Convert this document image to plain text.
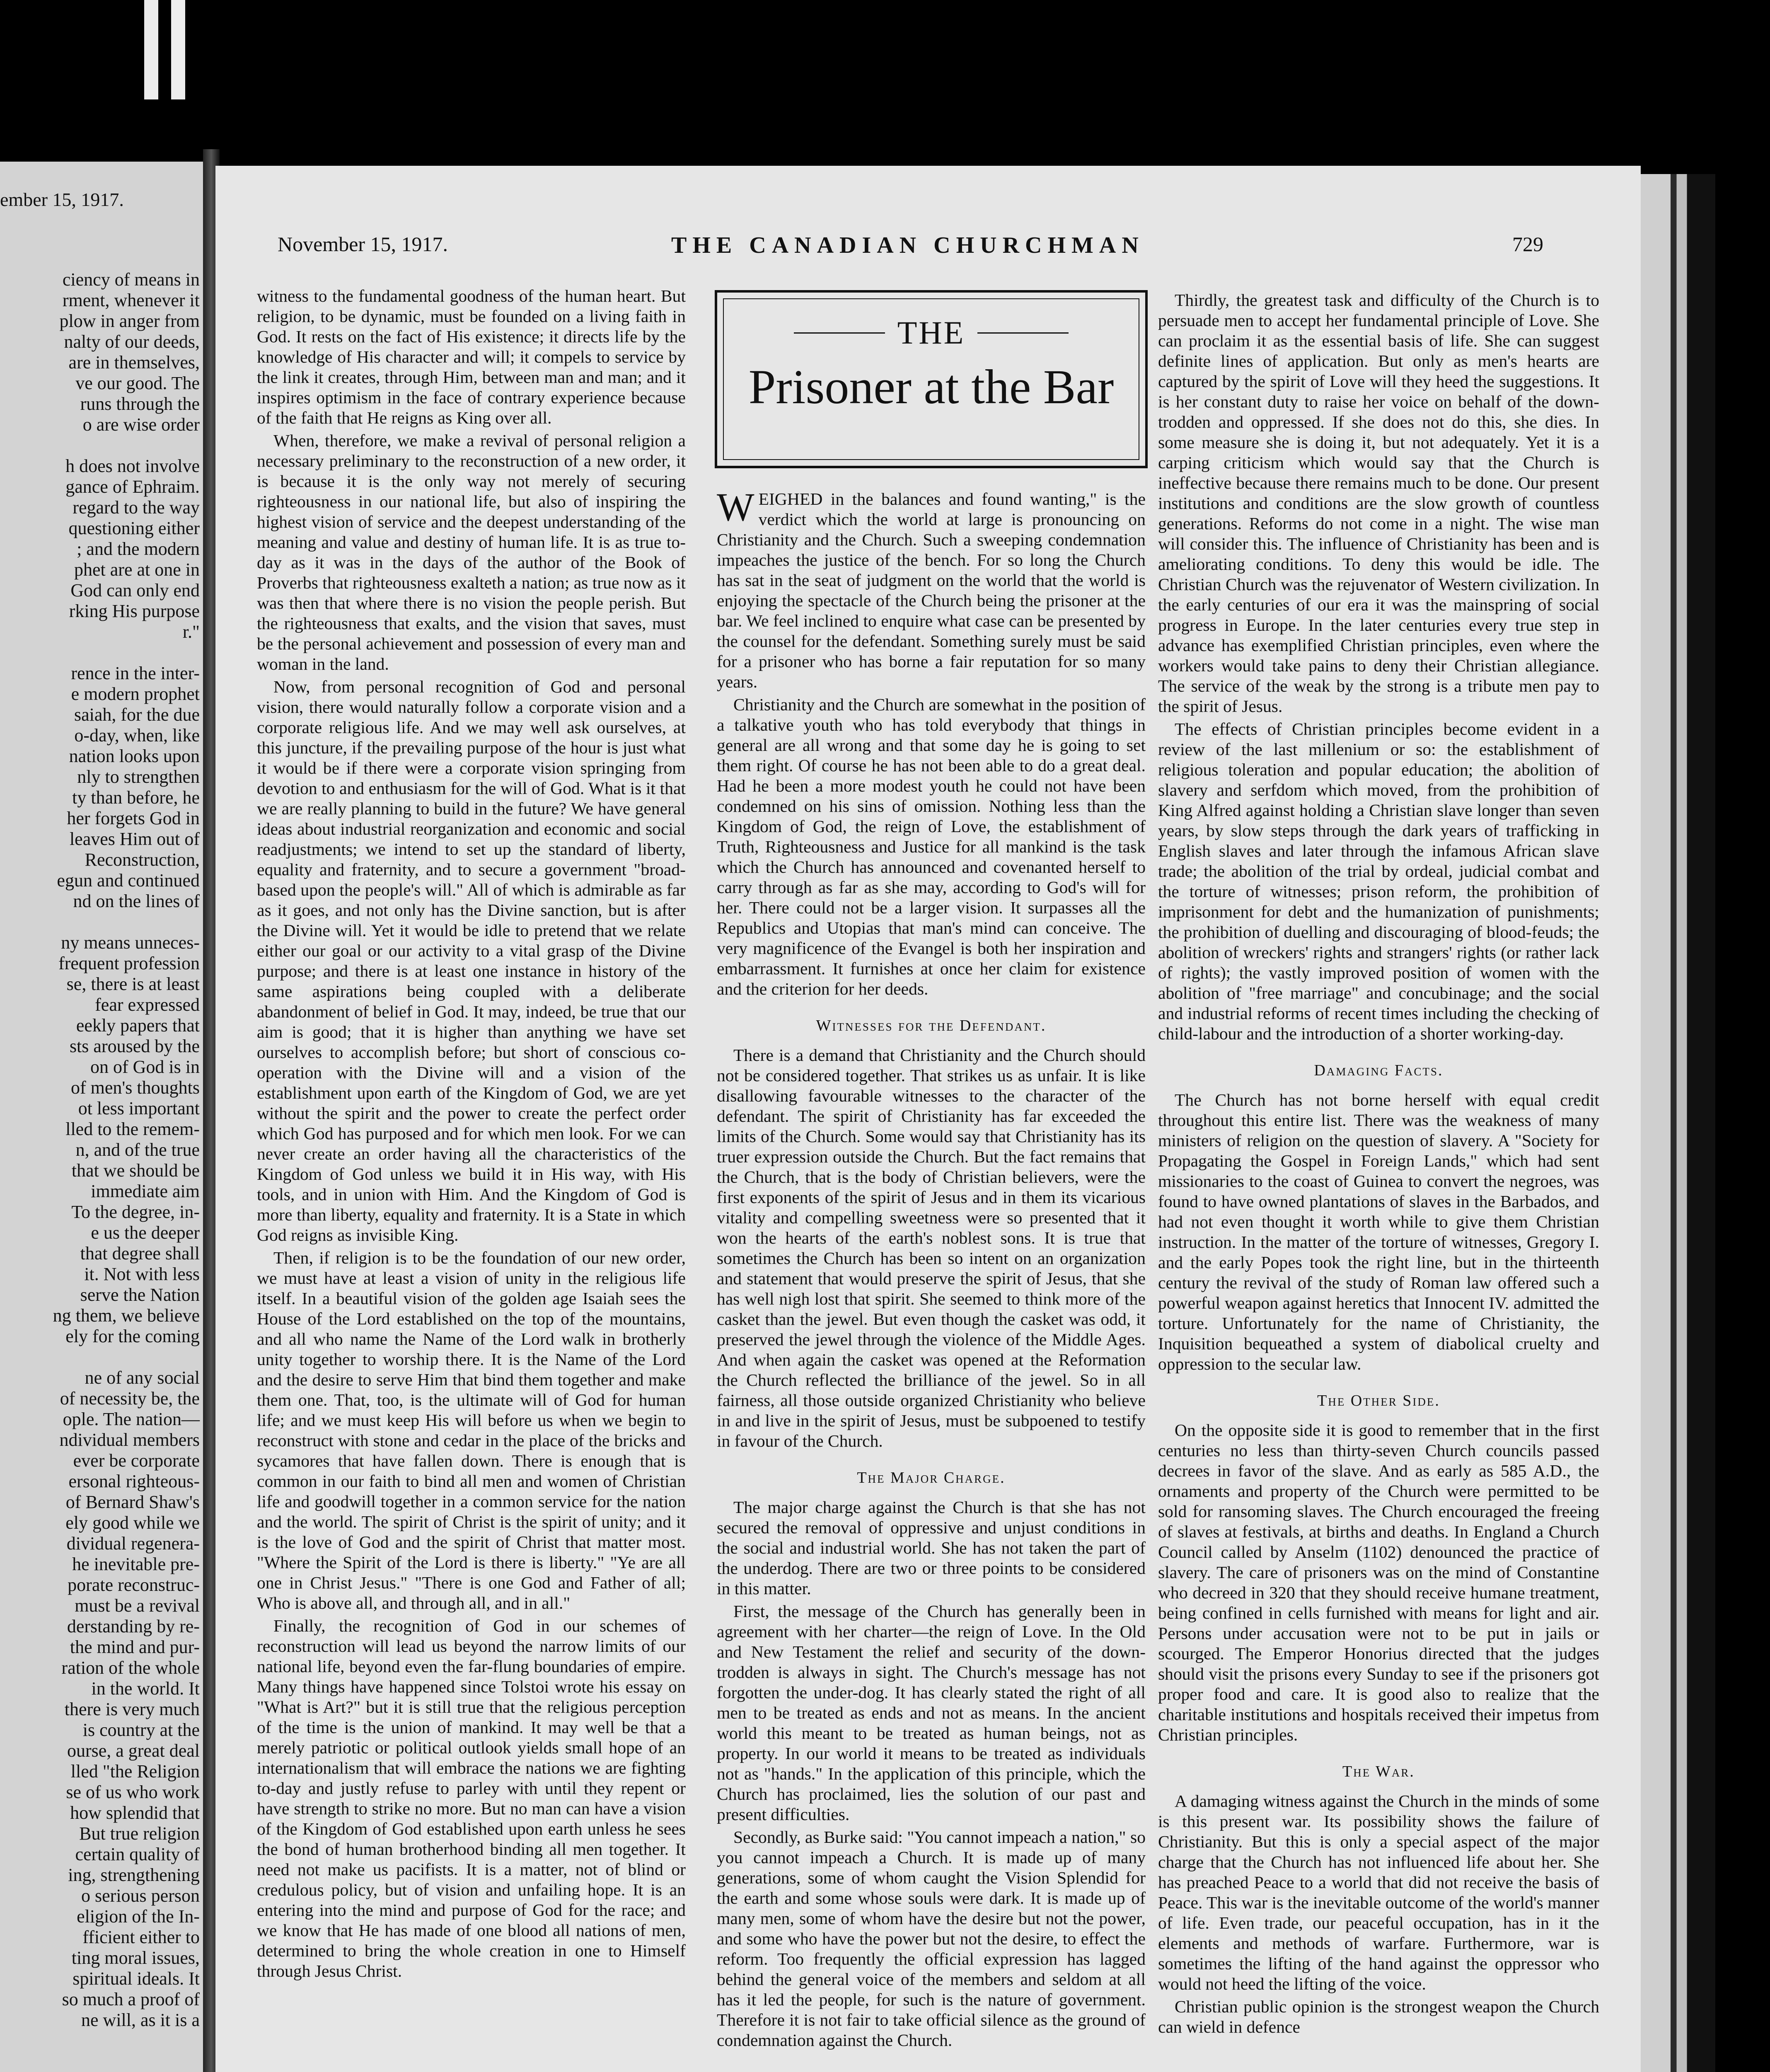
ember 15, 1917.
ciency of means in
rment, whenever it
plow in anger from
nalty of our deeds,
are in themselves,
ve our good. The
runs through the
o are wise order

h does not involve
gance of Ephraim.
regard to the way
questioning either
; and the modern
phet are at one in
God can only end
rking His purpose
r."

rence in the inter-
e modern prophet
saiah, for the due
o-day, when, like
nation looks upon
nly to strengthen
ty than before, he
her forgets God in
leaves Him out of
Reconstruction,
egun and continued
nd on the lines of

ny means unneces-
frequent profession
se, there is at least
fear expressed
eekly papers that
sts aroused by the
on of God is in
of men's thoughts
ot less important
lled to the remem-
n, and of the true
that we should be
immediate aim
To the degree, in-
e us the deeper
that degree shall
it. Not with less
serve the Nation
ng them, we believe
ely for the coming

ne of any social
of necessity be, the
ople. The nation—
ndividual members
ever be corporate
ersonal righteous-
of Bernard Shaw's
ely good while we
dividual regenera-
he inevitable pre-
porate reconstruc-
must be a revival
derstanding by re-
the mind and pur-
ration of the whole
in the world. It
there is very much
is country at the
ourse, a great deal
lled "the Religion
se of us who work
how splendid that
But true religion
certain quality of
ing, strengthening
o serious person
eligion of the In-
fficient either to
ting moral issues,
spiritual ideals. It
so much a proof of
ne will, as it is a
November 15, 1917.	THE CANADIAN CHURCHMAN	729

witness to the fundamental goodness of the human heart. But religion, to be dynamic, must be founded on a living faith in God. It rests on the fact of His existence; it directs life by the knowledge of His character and will; it compels to service by the link it creates, through Him, between man and man; and it inspires optimism in the face of contrary experience because of the faith that He reigns as King over all.

When, therefore, we make a revival of personal religion a necessary preliminary to the reconstruction of a new order, it is because it is the only way not merely of securing righteousness in our national life, but also of inspiring the highest vision of service and the deepest understanding of the meaning and value and destiny of human life. It is as true to-day as it was in the days of the author of the Book of Proverbs that righteousness exalteth a nation; as true now as it was then that where there is no vision the people perish. But the righteousness that exalts, and the vision that saves, must be the personal achievement and possession of every man and woman in the land.

Now, from personal recognition of God and personal vision, there would naturally follow a corporate vision and a corporate religious life. And we may well ask ourselves, at this juncture, if the prevailing purpose of the hour is just what it would be if there were a corporate vision springing from devotion to and enthusiasm for the will of God. What is it that we are really planning to build in the future? We have general ideas about industrial reorganization and economic and social readjustments; we intend to set up the standard of liberty, equality and fraternity, and to secure a government "broad-based upon the people's will." All of which is admirable as far as it goes, and not only has the Divine sanction, but is after the Divine will. Yet it would be idle to pretend that we relate either our goal or our activity to a vital grasp of the Divine purpose; and there is at least one instance in history of the same aspirations being coupled with a deliberate abandonment of belief in God. It may, indeed, be true that our aim is good; that it is higher than anything we have set ourselves to accomplish before; but short of conscious co-operation with the Divine will and a vision of the establishment upon earth of the Kingdom of God, we are yet without the spirit and the power to create the perfect order which God has purposed and for which men look. For we can never create an order having all the characteristics of the Kingdom of God unless we build it in His way, with His tools, and in union with Him. And the Kingdom of God is more than liberty, equality and fraternity. It is a State in which God reigns as invisible King.

Then, if religion is to be the foundation of our new order, we must have at least a vision of unity in the religious life itself. In a beautiful vision of the golden age Isaiah sees the House of the Lord established on the top of the mountains, and all who name the Name of the Lord walk in brotherly unity together to worship there. It is the Name of the Lord and the desire to serve Him that bind them together and make them one. That, too, is the ultimate will of God for human life; and we must keep His will before us when we begin to reconstruct with stone and cedar in the place of the bricks and sycamores that have fallen down. There is enough that is common in our faith to bind all men and women of Christian life and goodwill together in a common service for the nation and the world. The spirit of Christ is the spirit of unity; and it is the love of God and the spirit of Christ that matter most. "Where the Spirit of the Lord is there is liberty." "Ye are all one in Christ Jesus." "There is one God and Father of all; Who is above all, and through all, and in all."

Finally, the recognition of God in our schemes of reconstruction will lead us beyond the narrow limits of our national life, beyond even the far-flung boundaries of empire. Many things have happened since Tolstoi wrote his essay on "What is Art?" but it is still true that the religious perception of the time is the union of mankind. It may well be that a merely patriotic or political outlook yields small hope of an internationalism that will embrace the nations we are fighting to-day and justly refuse to parley with until they repent or have strength to strike no more. But no man can have a vision of the Kingdom of God established upon earth unless he sees the bond of human brotherhood binding all men together. It need not make us pacifists. It is a matter, not of blind or credulous policy, but of vision and unfailing hope. It is an entering into the mind and purpose of God for the race; and we know that He has made of one blood all nations of men, determined to bring the whole creation in one to Himself through Jesus Christ.

THE
Prisoner at the Bar

WEIGHED in the balances and found wanting," is the verdict which the world at large is pronouncing on Christianity and the Church. Such a sweeping condemnation impeaches the justice of the bench. For so long the Church has sat in the seat of judgment on the world that the world is enjoying the spectacle of the Church being the prisoner at the bar. We feel inclined to enquire what case can be presented by the counsel for the defendant. Something surely must be said for a prisoner who has borne a fair reputation for so many years.

Christianity and the Church are somewhat in the position of a talkative youth who has told everybody that things in general are all wrong and that some day he is going to set them right. Of course he has not been able to do a great deal. Had he been a more modest youth he could not have been condemned on his sins of omission. Nothing less than the Kingdom of God, the reign of Love, the establishment of Truth, Righteousness and Justice for all mankind is the task which the Church has announced and covenanted herself to carry through as far as she may, according to God's will for her. There could not be a larger vision. It surpasses all the Republics and Utopias that man's mind can conceive. The very magnificence of the Evangel is both her inspiration and embarrassment. It furnishes at once her claim for existence and the criterion for her deeds.

Witnesses for the Defendant.

There is a demand that Christianity and the Church should not be considered together. That strikes us as unfair. It is like disallowing favourable witnesses to the character of the defendant. The spirit of Christianity has far exceeded the limits of the Church. Some would say that Christianity has its truer expression outside the Church. But the fact remains that the Church, that is the body of Christian believers, were the first exponents of the spirit of Jesus and in them its vicarious vitality and compelling sweetness were so presented that it won the hearts of the earth's noblest sons. It is true that sometimes the Church has been so intent on an organization and statement that would preserve the spirit of Jesus, that she has well nigh lost that spirit. She seemed to think more of the casket than the jewel. But even though the casket was odd, it preserved the jewel through the violence of the Middle Ages. And when again the casket was opened at the Reformation the Church reflected the brilliance of the jewel. So in all fairness, all those outside organized Christianity who believe in and live in the spirit of Jesus, must be subpoened to testify in favour of the Church.

The Major Charge.

The major charge against the Church is that she has not secured the removal of oppressive and unjust conditions in the social and industrial world. She has not taken the part of the underdog. There are two or three points to be considered in this matter.

First, the message of the Church has generally been in agreement with her charter—the reign of Love. In the Old and New Testament the relief and security of the down-trodden is always in sight. The Church's message has not forgotten the under-dog. It has clearly stated the right of all men to be treated as ends and not as means. In the ancient world this meant to be treated as human beings, not as property. In our world it means to be treated as individuals not as "hands." In the application of this principle, which the Church has proclaimed, lies the solution of our past and present difficulties.

Secondly, as Burke said: "You cannot impeach a nation," so you cannot impeach a Church. It is made up of many generations, some of whom caught the Vision Splendid for the earth and some whose souls were dark. It is made up of many men, some of whom have the desire but not the power, and some who have the power but not the desire, to effect the reform. Too frequently the official expression has lagged behind the general voice of the members and seldom at all has it led the people, for such is the nature of government. Therefore it is not fair to take official silence as the ground of condemnation against the Church.

Thirdly, the greatest task and difficulty of the Church is to persuade men to accept her fundamental principle of Love. She can proclaim it as the essential basis of life. She can suggest definite lines of application. But only as men's hearts are captured by the spirit of Love will they heed the suggestions. It is her constant duty to raise her voice on behalf of the down-trodden and oppressed. If she does not do this, she dies. In some measure she is doing it, but not adequately. Yet it is a carping criticism which would say that the Church is ineffective because there remains much to be done. Our present institutions and conditions are the slow growth of countless generations. Reforms do not come in a night. The wise man will consider this. The influence of Christianity has been and is ameliorating conditions. To deny this would be idle. The Christian Church was the rejuvenator of Western civilization. In the early centuries of our era it was the mainspring of social progress in Europe. In the later centuries every true step in advance has exemplified Christian principles, even where the workers would take pains to deny their Christian allegiance. The service of the weak by the strong is a tribute men pay to the spirit of Jesus.

The effects of Christian principles become evident in a review of the last millenium or so: the establishment of religious toleration and popular education; the abolition of slavery and serfdom which moved, from the prohibition of King Alfred against holding a Christian slave longer than seven years, by slow steps through the dark years of trafficking in English slaves and later through the infamous African slave trade; the abolition of the trial by ordeal, judicial combat and the torture of witnesses; prison reform, the prohibition of imprisonment for debt and the humanization of punishments; the prohibition of duelling and discouraging of blood-feuds; the abolition of wreckers' rights and strangers' rights (or rather lack of rights); the vastly improved position of women with the abolition of "free marriage" and concubinage; and the social and industrial reforms of recent times including the checking of child-labour and the introduction of a shorter working-day.

Damaging Facts.

The Church has not borne herself with equal credit throughout this entire list. There was the weakness of many ministers of religion on the question of slavery. A "Society for Propagating the Gospel in Foreign Lands," which had sent missionaries to the coast of Guinea to convert the negroes, was found to have owned plantations of slaves in the Barbados, and had not even thought it worth while to give them Christian instruction. In the matter of the torture of witnesses, Gregory I. and the early Popes took the right line, but in the thirteenth century the revival of the study of Roman law offered such a powerful weapon against heretics that Innocent IV. admitted the torture. Unfortunately for the name of Christianity, the Inquisition bequeathed a system of diabolical cruelty and oppression to the secular law.

The Other Side.

On the opposite side it is good to remember that in the first centuries no less than thirty-seven Church councils passed decrees in favor of the slave. And as early as 585 A.D., the ornaments and property of the Church were permitted to be sold for ransoming slaves. The Church encouraged the freeing of slaves at festivals, at births and deaths. In England a Church Council called by Anselm (1102) denounced the practice of slavery. The care of prisoners was on the mind of Constantine who decreed in 320 that they should receive humane treatment, being confined in cells furnished with means for light and air. Persons under accusation were not to be put in jails or scourged. The Emperor Honorius directed that the judges should visit the prisons every Sunday to see if the prisoners got proper food and care. It is good also to realize that the charitable institutions and hospitals received their impetus from Christian principles.

The War.

A damaging witness against the Church in the minds of some is this present war. Its possibility shows the failure of Christianity. But this is only a special aspect of the major charge that the Church has not influenced life about her. She has preached Peace to a world that did not receive the basis of Peace. This war is the inevitable outcome of the world's manner of life. Even trade, our peaceful occupation, has in it the elements and methods of warfare. Furthermore, war is sometimes the lifting of the hand against the oppressor who would not heed the lifting of the voice.

Christian public opinion is the strongest weapon the Church can wield in defence
